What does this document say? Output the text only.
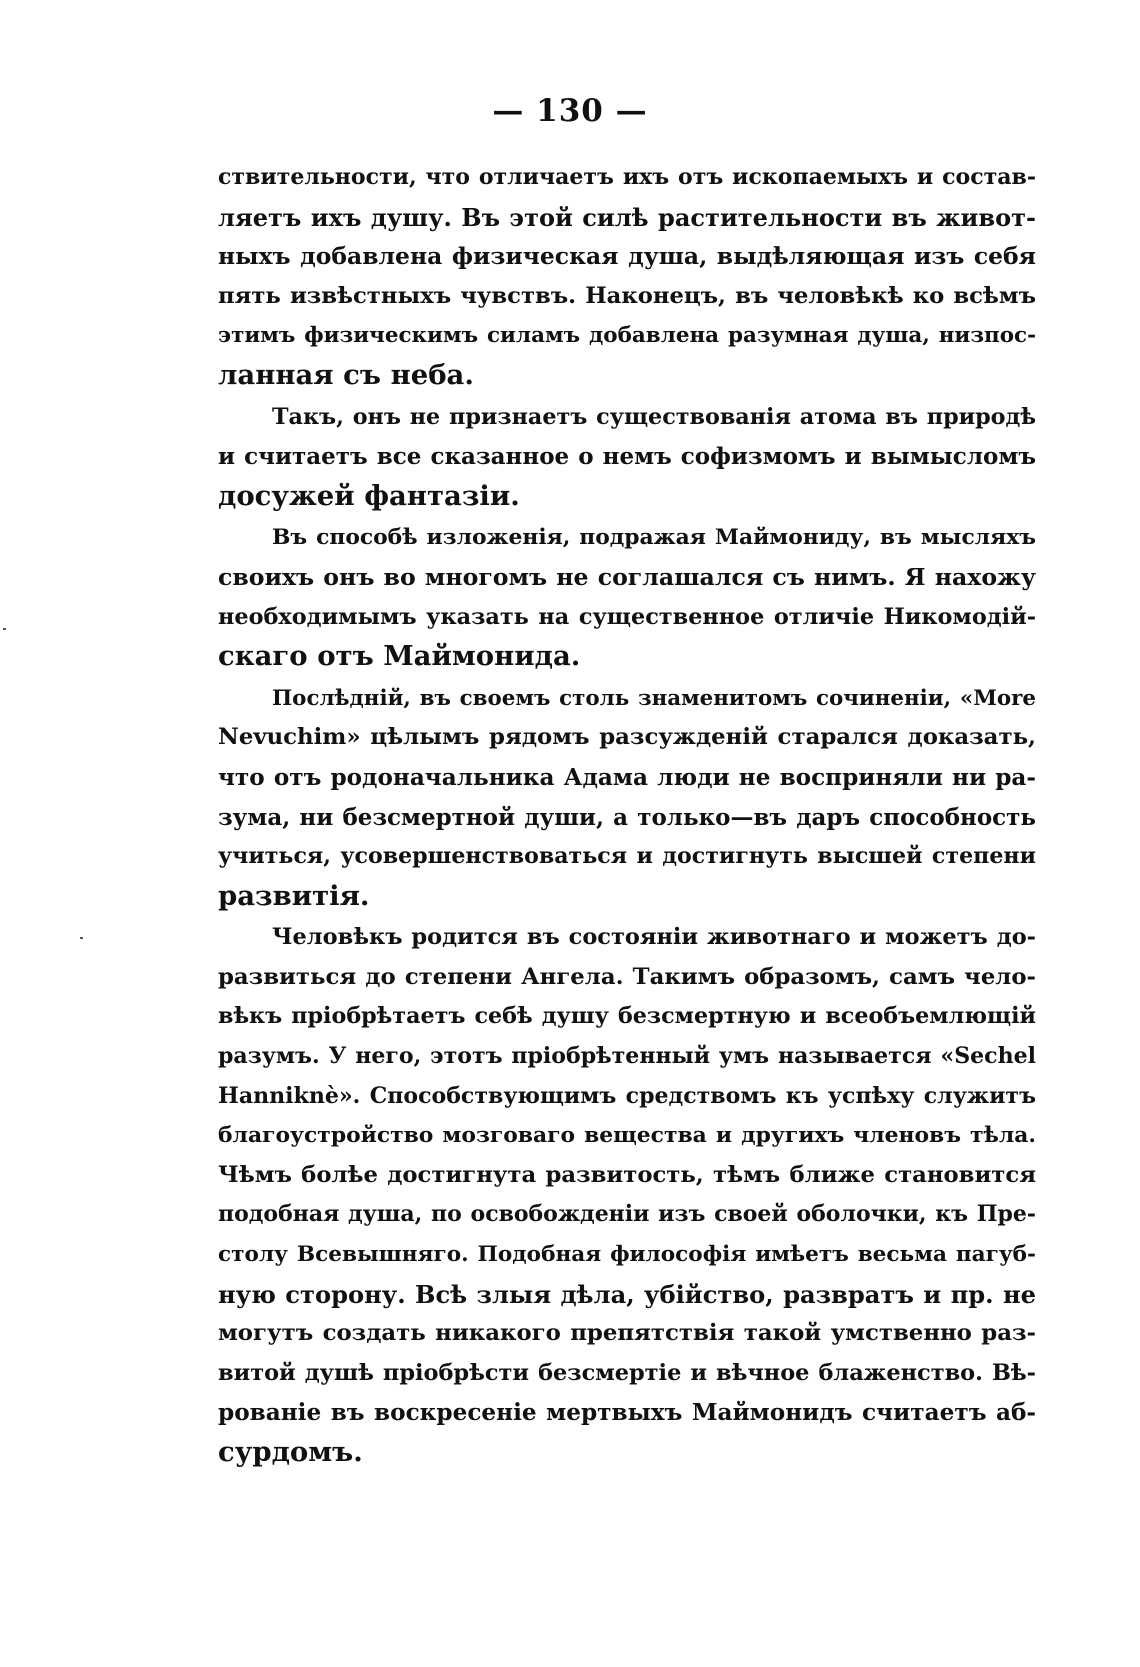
— 130 —
ствительности, что отличаетъ ихъ отъ ископаемыхъ и состав-
ляетъ ихъ душу. Въ этой силѣ растительности въ живот-
ныхъ добавлена физическая душа, выдѣляющая изъ себя
пять извѣстныхъ чувствъ. Наконецъ, въ человѣкѣ ко всѣмъ
этимъ физическимъ силамъ добавлена разумная душа, низпос-
ланная съ неба.
Такъ, онъ не признаетъ существованія атома въ природѣ
и считаетъ все сказанное о немъ софизмомъ и вымысломъ
досужей фантазіи.
Въ способѣ изложенія, подражая Маймониду, въ мысляхъ
своихъ онъ во многомъ не соглашался съ нимъ. Я нахожу
необходимымъ указать на существенное отличіе Никомодій-
скаго отъ Маймонида.
Послѣдній, въ своемъ столь знаменитомъ сочиненіи, «More
Nevuchim» цѣлымъ рядомъ разсужденій старался доказать,
что отъ родоначальника Адама люди не восприняли ни ра-
зума, ни безсмертной души, а только—въ даръ способность
учиться, усовершенствоваться и достигнуть высшей степени
развитія.
Человѣкъ родится въ состояніи животнаго и можетъ до-
развиться до степени Ангела. Такимъ образомъ, самъ чело-
вѣкъ пріобрѣтаетъ себѣ душу безсмертную и всеобъемлющій
разумъ. У него, этотъ пріобрѣтенный умъ называется «Sechel
Hanniknè». Способствующимъ средствомъ къ успѣху служитъ
благоустройство мозговаго вещества и другихъ членовъ тѣла.
Чѣмъ болѣе достигнута развитость, тѣмъ ближе становится
подобная душа, по освобожденіи изъ своей оболочки, къ Пре-
столу Всевышняго. Подобная философія имѣетъ весьма пагуб-
ную сторону. Всѣ злыя дѣла, убійство, развратъ и пр. не
могутъ создать никакого препятствія такой умственно раз-
витой душѣ пріобрѣсти безсмертіе и вѣчное блаженство. Вѣ-
рованіе въ воскресеніе мертвыхъ Маймонидъ считаетъ аб-
сурдомъ.
